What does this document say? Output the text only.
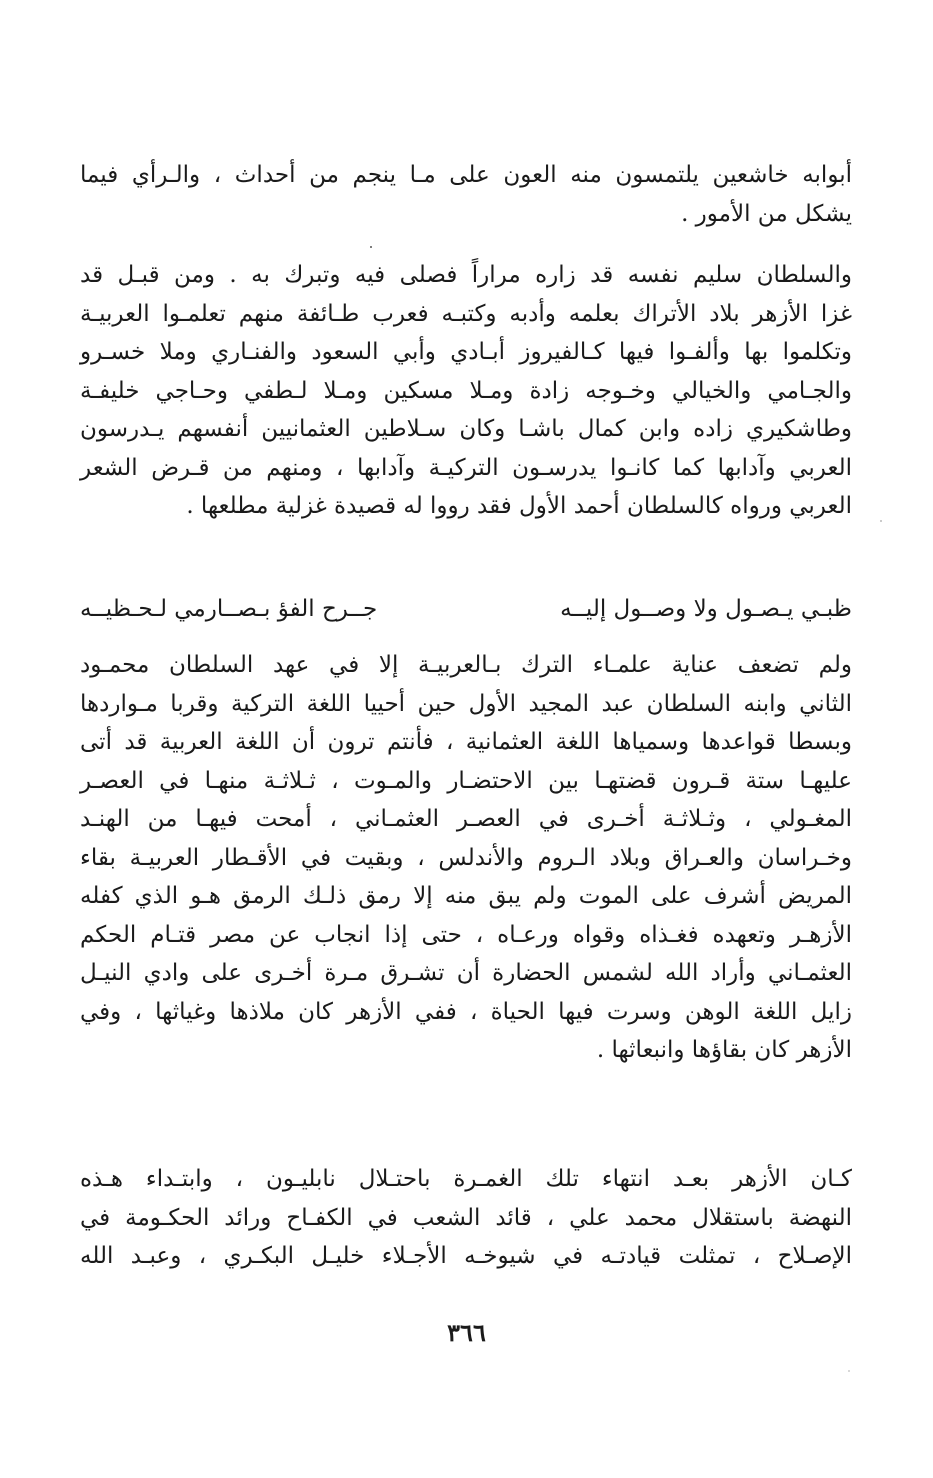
أبوابه خاشعين يلتمسون منه العون على مـا ينجم من أحداث ، والـرأي فيما
يشكل من الأمور .
والسلطان سليم نفسه قد زاره مراراً فصلى فيه وتبرك به . ومن قبـل قد
غزا الأزهر بلاد الأتراك بعلمه وأدبه وكتبـه فعرب طـائفة منهم تعلمـوا العربيـة
وتكلموا بها وألفـوا فيها كـالفيروز أبـادي وأبي السعود والفنـاري وملا خسـرو
والجـامي والخيالي وخـوجه زادة ومـلا مسكين ومـلا لـطفي وحـاجي خليفـة
وطاشكيري زاده وابن كمال باشـا وكان سـلاطين العثمانيين أنفسهم يـدرسون
العربي وآدابها كما كانـوا يدرسـون التركيـة وآدابها ، ومنهم من قـرض الشعر
العربي ورواه كالسلطان أحمد الأول فقد رووا له قصيدة غزلية مطلعها .
ظبـي يـصـول ولا وصــول إليــه
جــرح الفؤ بـصــارمي لـحـظيــه
ولم تضعف عناية علمـاء الترك بـالعربيـة إلا في عهد السلطان محمـود
الثاني وابنه السلطان عبد المجيد الأول حين أحييا اللغة التركية وقربا مـواردها
وبسطا قواعدها وسمياها اللغة العثمانية ، فأنتم ترون أن اللغة العربية قد أتى
عليهـا ستة قـرون قضتهـا بين الاحتضـار والمـوت ، ثـلاثـة منهـا في العصـر
المغـولي ، وثـلاثـة أخـرى في العصـر العثمـاني ، أمحت فيهـا من الهنـد
وخـراسان والعـراق وبلاد الـروم والأندلس ، وبقيت في الأقـطار العربيـة بقاء
المريض أشرف على الموت ولم يبق منه إلا رمق ذلـك الرمق هـو الذي كفله
الأزهـر وتعهده فغـذاه وقواه ورعـاه ، حتى إذا انجاب عن مصر قتـام الحكم
العثمـاني وأراد الله لشمس الحضارة أن تشـرق مـرة أخـرى على وادي النيـل
زايل اللغة الوهن وسرت فيها الحياة ، ففي الأزهر كان ملاذها وغياثها ، وفي
الأزهر كان بقاؤها وانبعاثها .
كـان الأزهر بعـد انتهاء تلك الغمـرة باحتـلال نابليـون ، وابتـداء هـذه
النهضة باستقلال محمد علي ، قائد الشعب في الكفـاح ورائد الحكـومة في
الإصـلاح ، تمثلت قيادتـه في شيوخـه الأجـلاء خليـل البكـري ، وعبـد الله
٣٦٦
